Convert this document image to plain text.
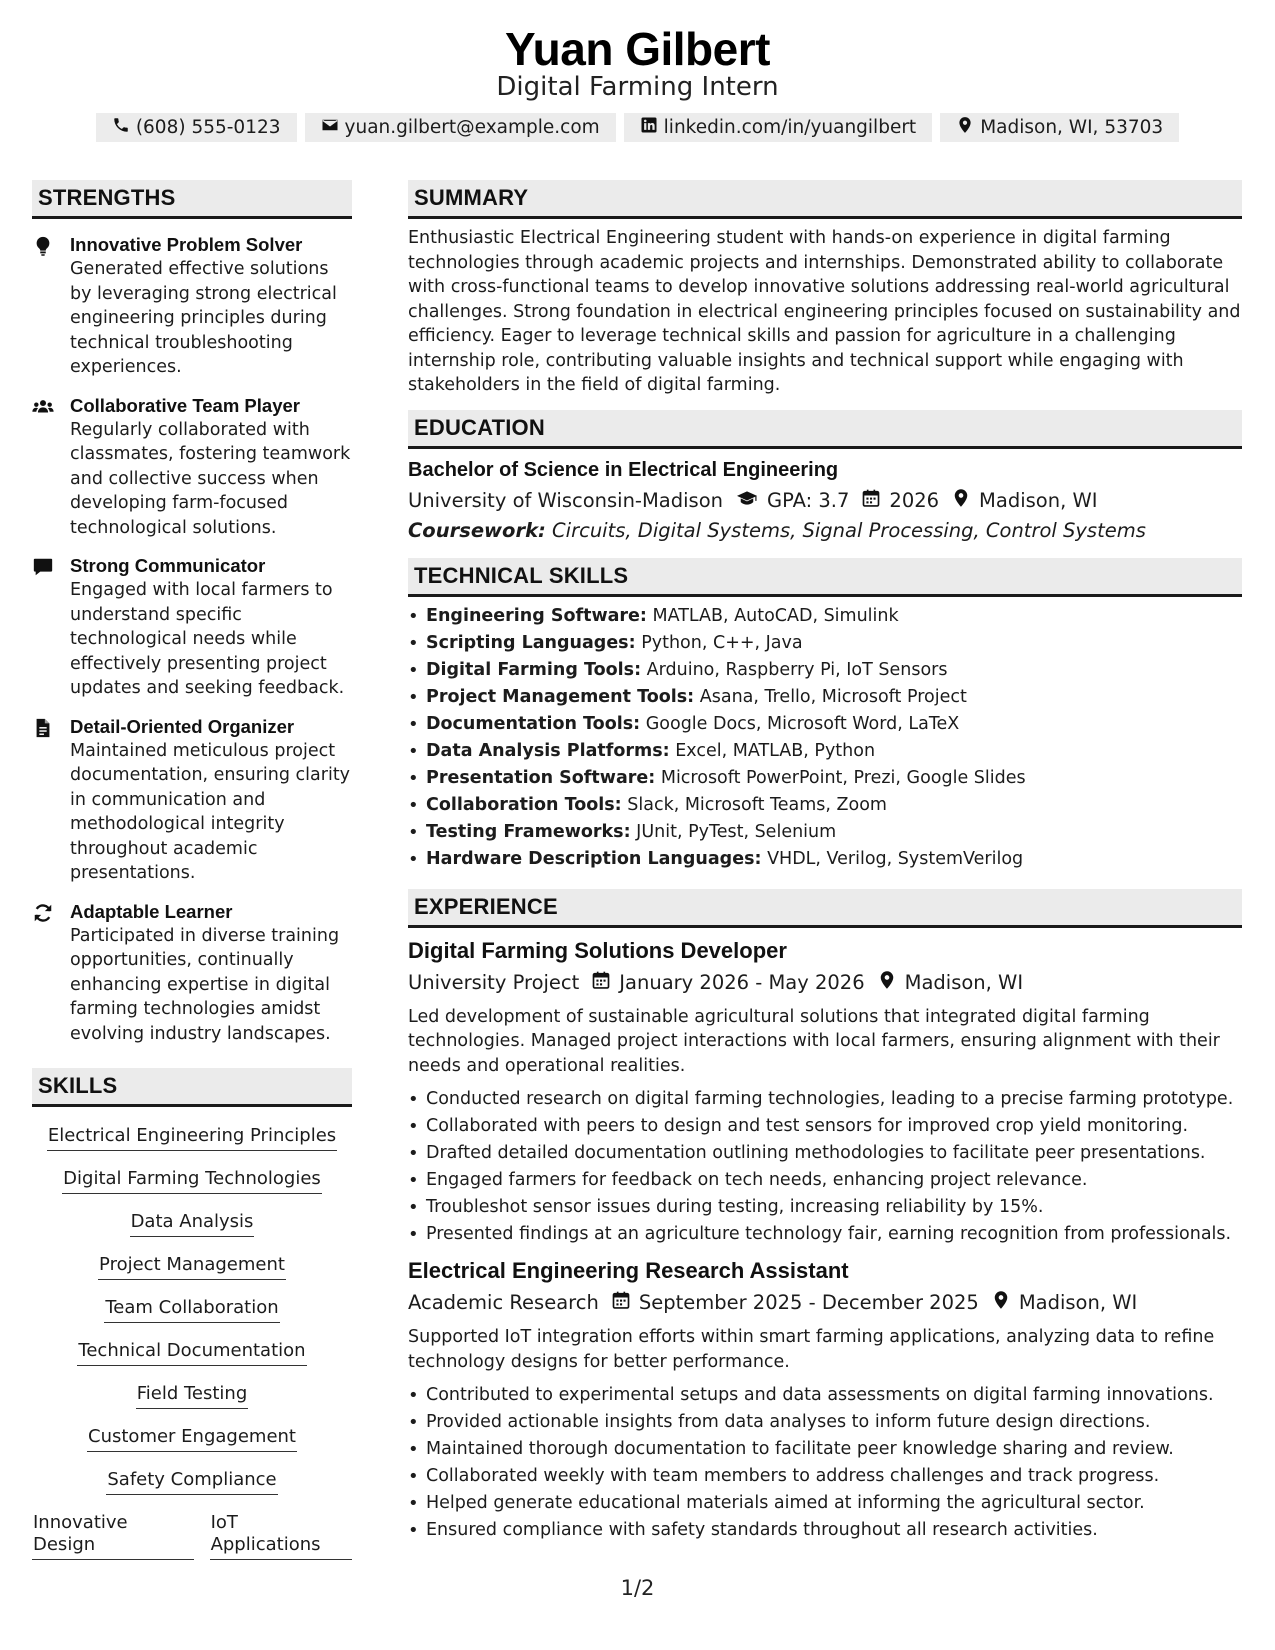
Yuan Gilbert
Digital Farming Intern
(608) 555-0123	yuan.gilbert@example.com	linkedin.com/in/yuangilbert	Madison, WI, 53703
STRENGTHS
Innovative Problem Solver
Generated effective solutions by leveraging strong electrical engineering principles during technical troubleshooting experiences.
Collaborative Team Player
Regularly collaborated with classmates, fostering teamwork and collective success when developing farm-focused technological solutions.
Strong Communicator
Engaged with local farmers to understand specific technological needs while effectively presenting project updates and seeking feedback.
Detail-Oriented Organizer
Maintained meticulous project documentation, ensuring clarity in communication and methodological integrity throughout academic presentations.
Adaptable Learner
Participated in diverse training opportunities, continually enhancing expertise in digital farming technologies amidst evolving industry landscapes.
SKILLS
Electrical Engineering Principles
Digital Farming Technologies
Data Analysis
Project Management
Team Collaboration
Technical Documentation
Field Testing
Customer Engagement
Safety Compliance
Innovative Design
IoT Applications
SUMMARY
Enthusiastic Electrical Engineering student with hands-on experience in digital farming technologies through academic projects and internships. Demonstrated ability to collaborate with cross-functional teams to develop innovative solutions addressing real-world agricultural challenges. Strong foundation in electrical engineering principles focused on sustainability and efficiency. Eager to leverage technical skills and passion for agriculture in a challenging internship role, contributing valuable insights and technical support while engaging with stakeholders in the field of digital farming.
EDUCATION
Bachelor of Science in Electrical Engineering
University of Wisconsin-Madison GPA: 3.7 2026 Madison, WI
Coursework: Circuits, Digital Systems, Signal Processing, Control Systems
TECHNICAL SKILLS
• Engineering Software: MATLAB, AutoCAD, Simulink
• Scripting Languages: Python, C++, Java
• Digital Farming Tools: Arduino, Raspberry Pi, IoT Sensors
• Project Management Tools: Asana, Trello, Microsoft Project
• Documentation Tools: Google Docs, Microsoft Word, LaTeX
• Data Analysis Platforms: Excel, MATLAB, Python
• Presentation Software: Microsoft PowerPoint, Prezi, Google Slides
• Collaboration Tools: Slack, Microsoft Teams, Zoom
• Testing Frameworks: JUnit, PyTest, Selenium
• Hardware Description Languages: VHDL, Verilog, SystemVerilog
EXPERIENCE
Digital Farming Solutions Developer
University Project January 2026 - May 2026 Madison, WI
Led development of sustainable agricultural solutions that integrated digital farming technologies. Managed project interactions with local farmers, ensuring alignment with their needs and operational realities.
• Conducted research on digital farming technologies, leading to a precise farming prototype.
• Collaborated with peers to design and test sensors for improved crop yield monitoring.
• Drafted detailed documentation outlining methodologies to facilitate peer presentations.
• Engaged farmers for feedback on tech needs, enhancing project relevance.
• Troubleshot sensor issues during testing, increasing reliability by 15%.
• Presented findings at an agriculture technology fair, earning recognition from professionals.
Electrical Engineering Research Assistant
Academic Research September 2025 - December 2025 Madison, WI
Supported IoT integration efforts within smart farming applications, analyzing data to refine technology designs for better performance.
• Contributed to experimental setups and data assessments on digital farming innovations.
• Provided actionable insights from data analyses to inform future design directions.
• Maintained thorough documentation to facilitate peer knowledge sharing and review.
• Collaborated weekly with team members to address challenges and track progress.
• Helped generate educational materials aimed at informing the agricultural sector.
• Ensured compliance with safety standards throughout all research activities.
1/2
